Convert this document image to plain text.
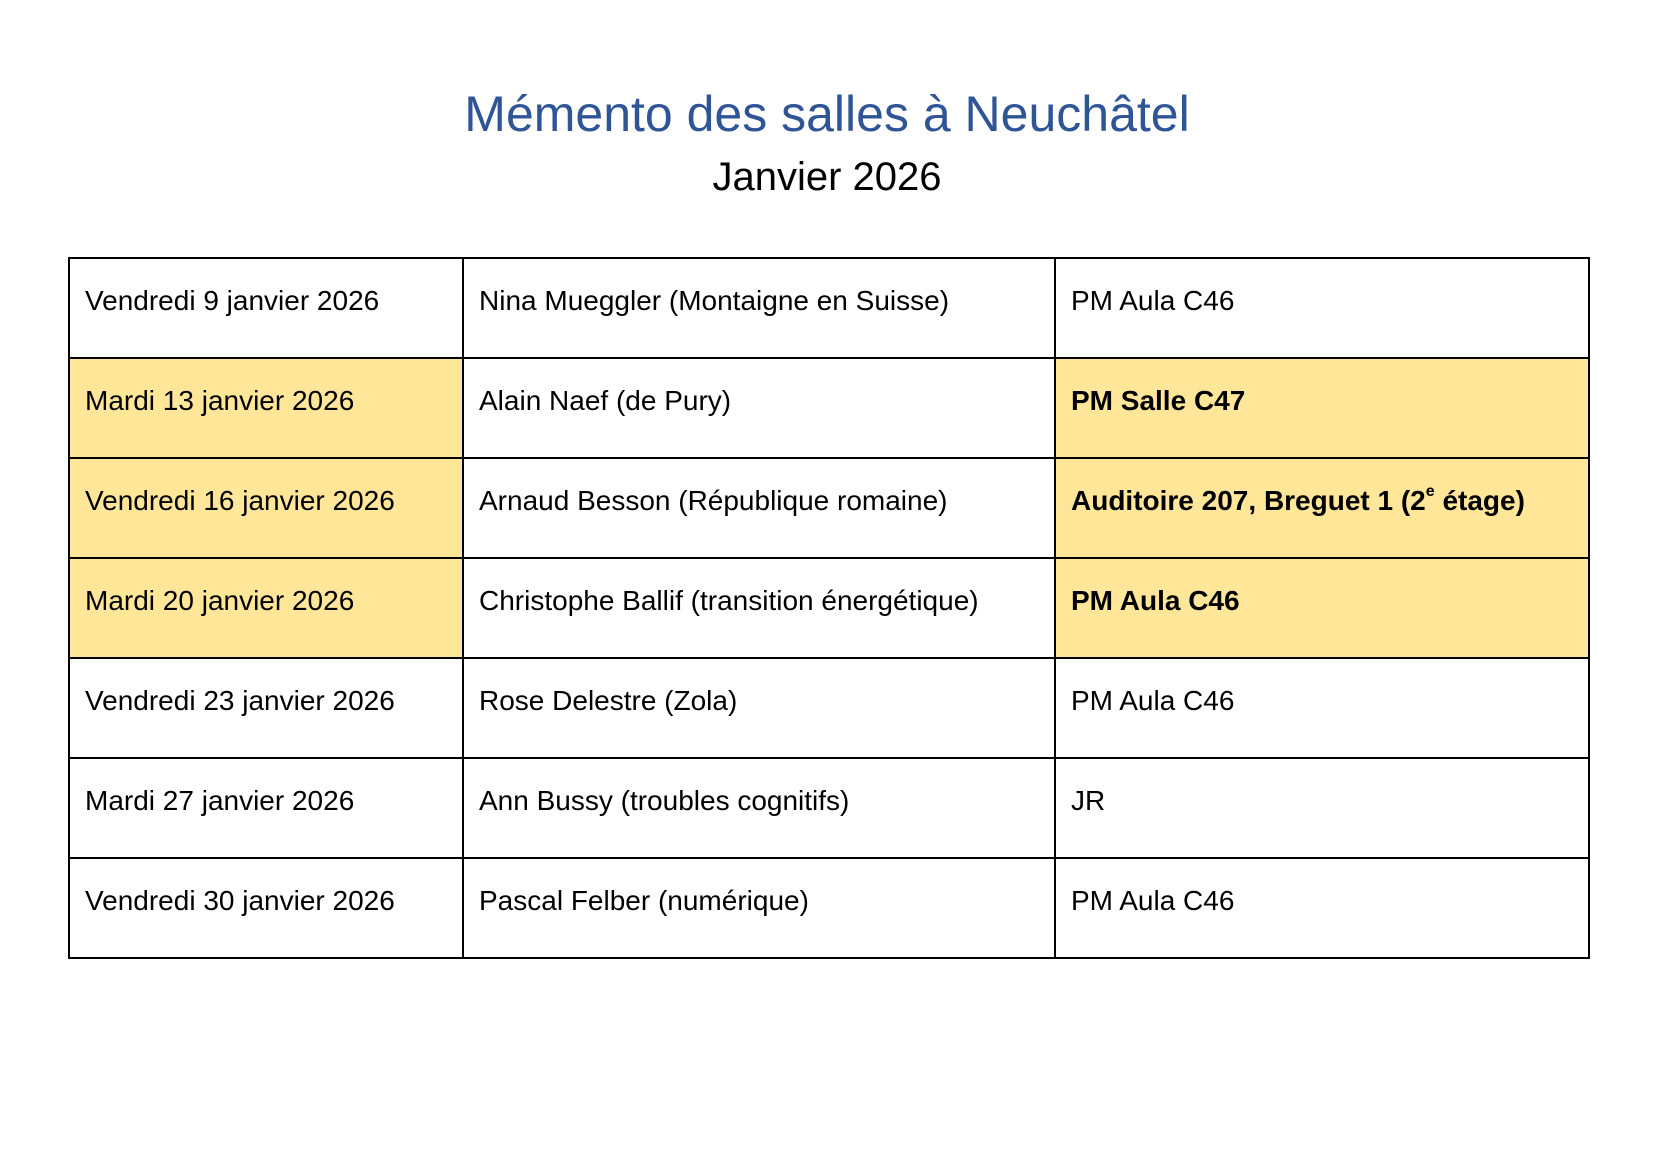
Mémento des salles à Neuchâtel
Janvier 2026
Vendredi 9 janvier 2026	Nina Mueggler (Montaigne en Suisse)	PM Aula C46
Mardi 13 janvier 2026	Alain Naef (de Pury)	PM Salle C47
Vendredi 16 janvier 2026	Arnaud Besson (République romaine)	Auditoire 207, Breguet 1 (2e étage)
Mardi 20 janvier 2026	Christophe Ballif (transition énergétique)	PM Aula C46
Vendredi 23 janvier 2026	Rose Delestre (Zola)	PM Aula C46
Mardi 27 janvier 2026	Ann Bussy (troubles cognitifs)	JR
Vendredi 30 janvier 2026	Pascal Felber (numérique)	PM Aula C46
